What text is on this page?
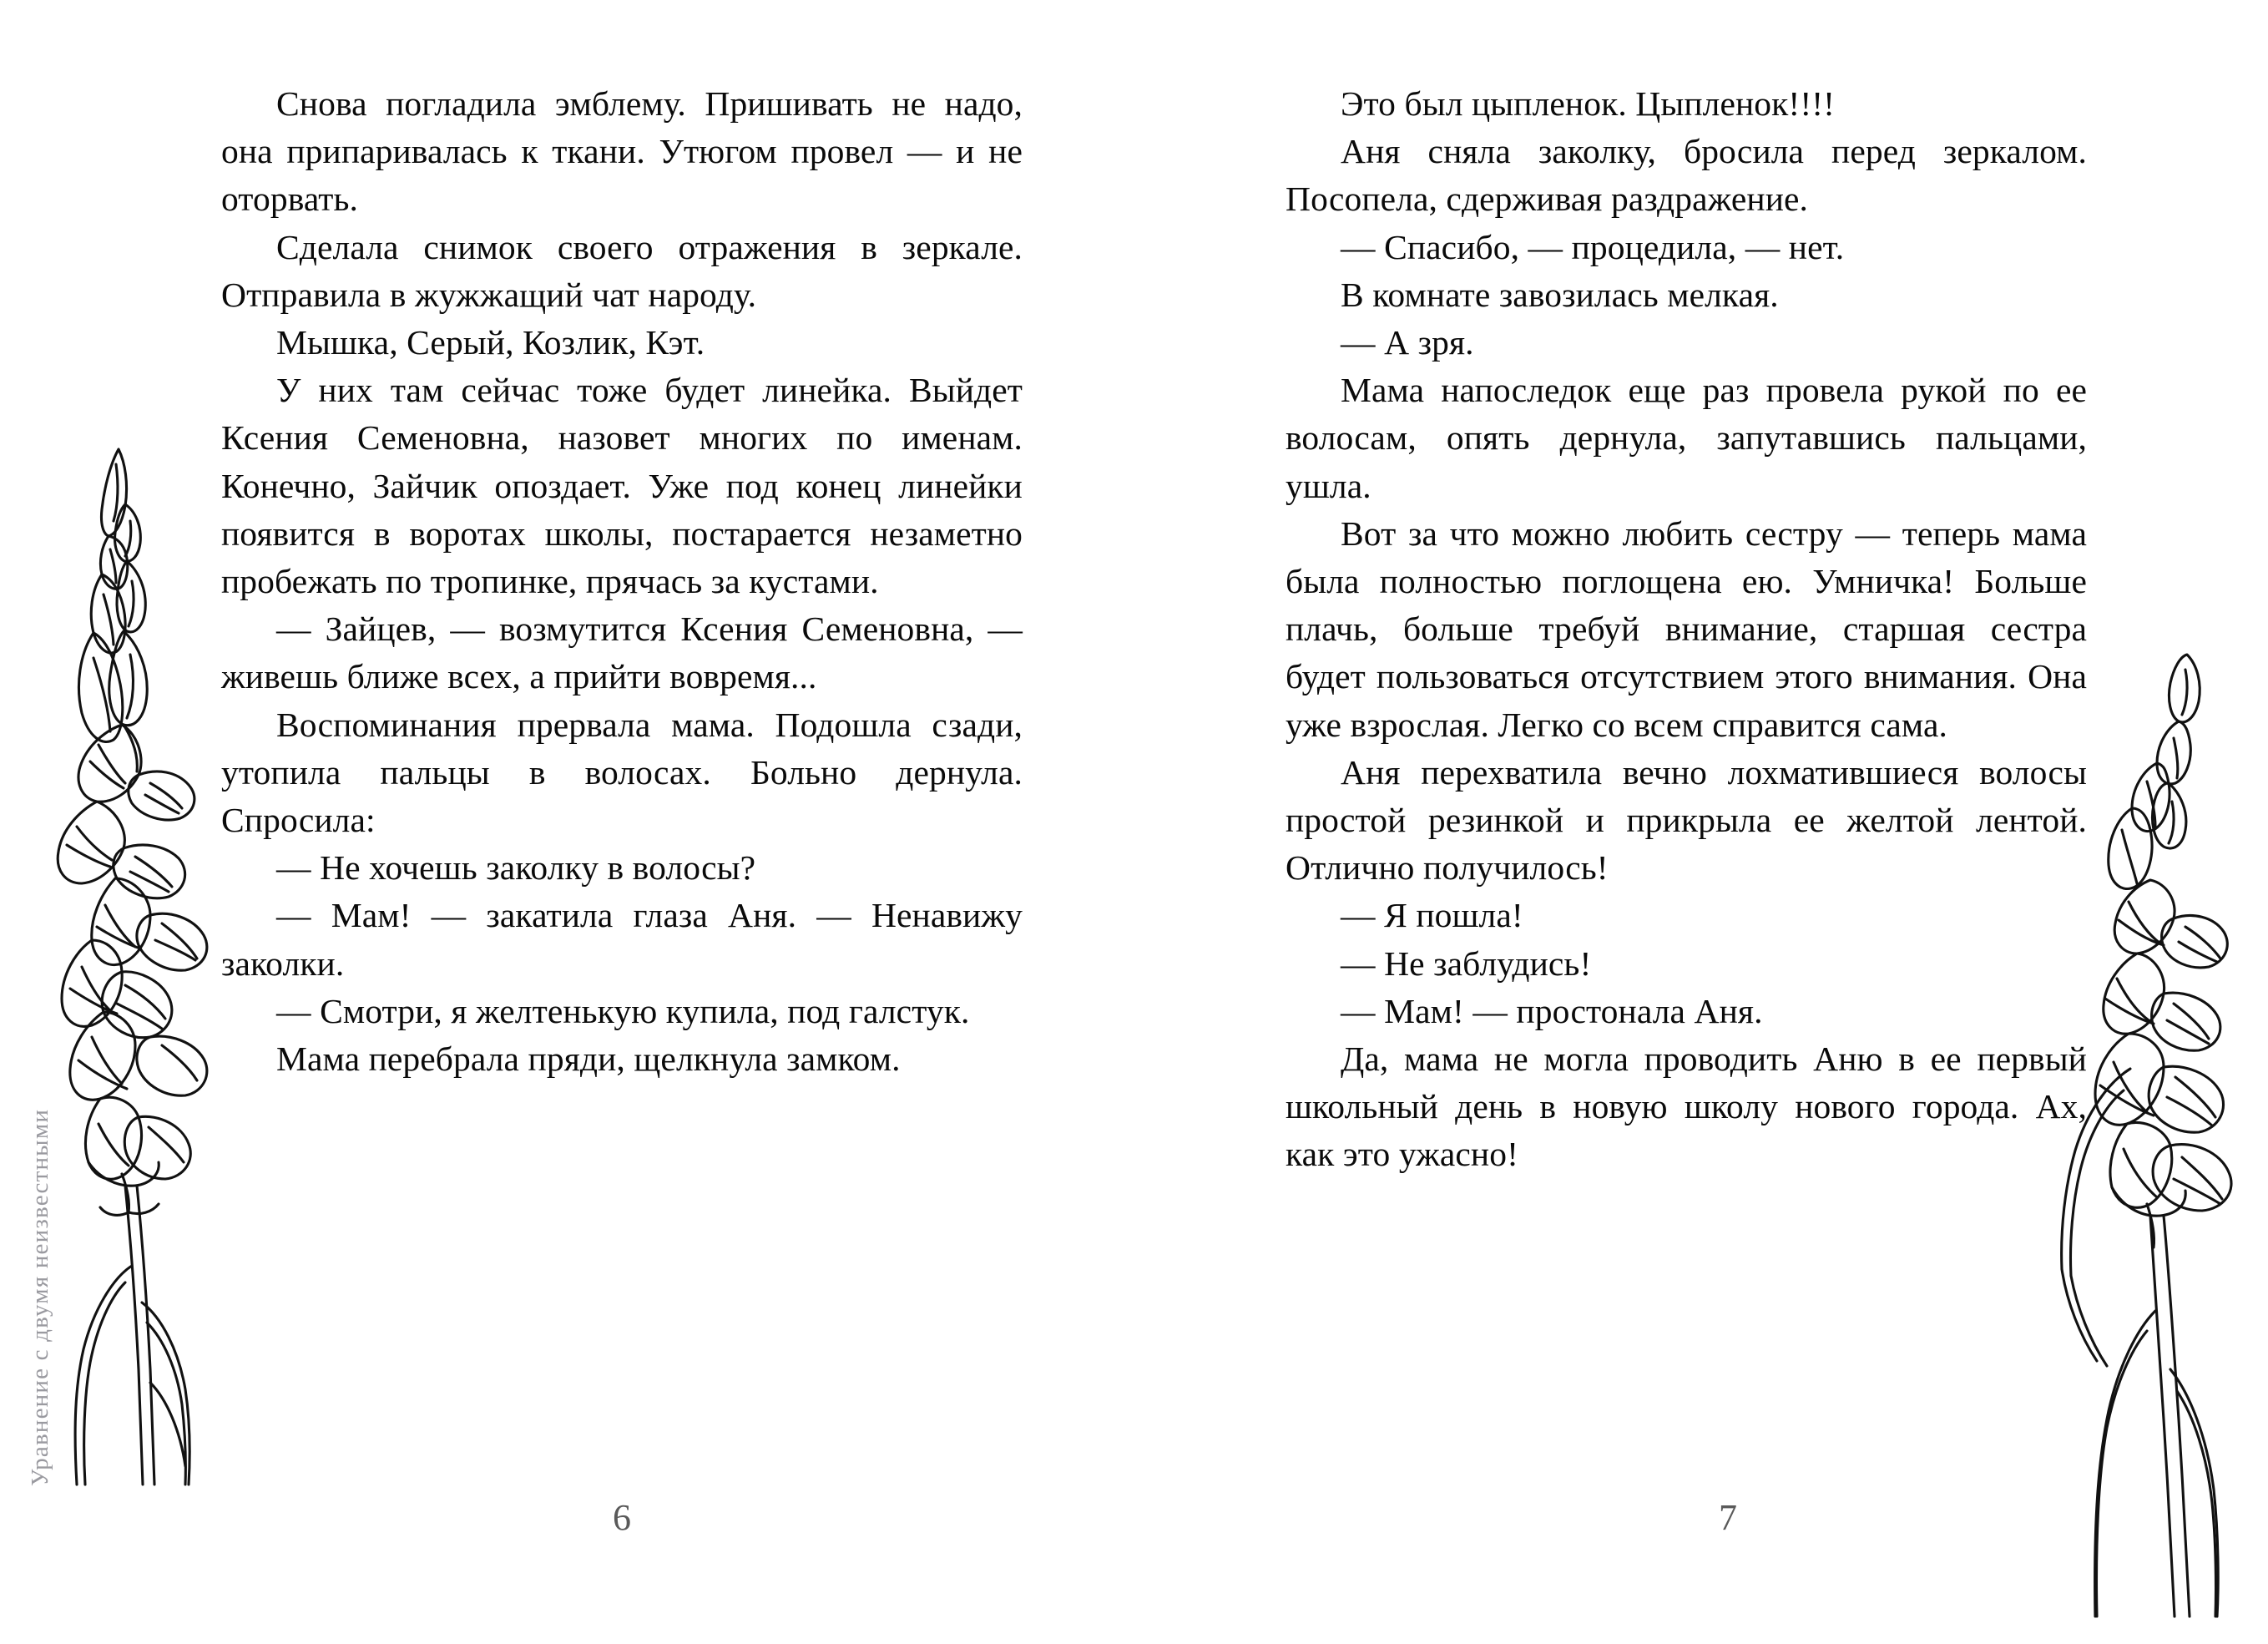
Снова погладила эмблему. Пришивать не надо, она припаривалась к ткани. Утюгом провел — и не оторвать.

Сделала снимок своего отражения в зеркале. Отправила в жужжащий чат народу.

Мышка, Серый, Козлик, Кэт.

У них там сейчас тоже будет линейка. Выйдет Ксения Семеновна, назовет многих по именам. Конечно, Зайчик опоздает. Уже под конец линейки появится в воротах школы, постарается незаметно пробежать по тропинке, прячась за кустами.

— Зайцев, — возмутится Ксения Семеновна, — живешь ближе всех, а прийти вовремя...

Воспоминания прервала мама. Подошла сзади, утопила пальцы в волосах. Больно дернула. Спросила:

— Не хочешь заколку в волосы?

— Мам! — закатила глаза Аня. — Ненавижу заколки.

— Смотри, я желтенькую купила, под галстук.

Мама перебрала пряди, щелкнула замком.

6
Уравнение с двумя неизвестными

Это был цыпленок. Цыпленок!!!!

Аня сняла заколку, бросила перед зеркалом. Посопела, сдерживая раздражение.

— Спасибо, — процедила, — нет.

В комнате завозилась мелкая.

— А зря.

Мама напоследок еще раз провела рукой по ее волосам, опять дернула, запутавшись пальцами, ушла.

Вот за что можно любить сестру — теперь мама была полностью поглощена ею. Умничка! Больше плачь, больше требуй внимание, старшая сестра будет пользоваться отсутствием этого внимания. Она уже взрослая. Легко со всем справится сама.

Аня перехватила вечно лохматившиеся волосы простой резинкой и прикрыла ее желтой лентой. Отлично получилось!

— Я пошла!

— Не заблудись!

— Мам! — простонала Аня.

Да, мама не могла проводить Аню в ее первый школьный день в новую школу нового города. Ах, как это ужасно!

7
